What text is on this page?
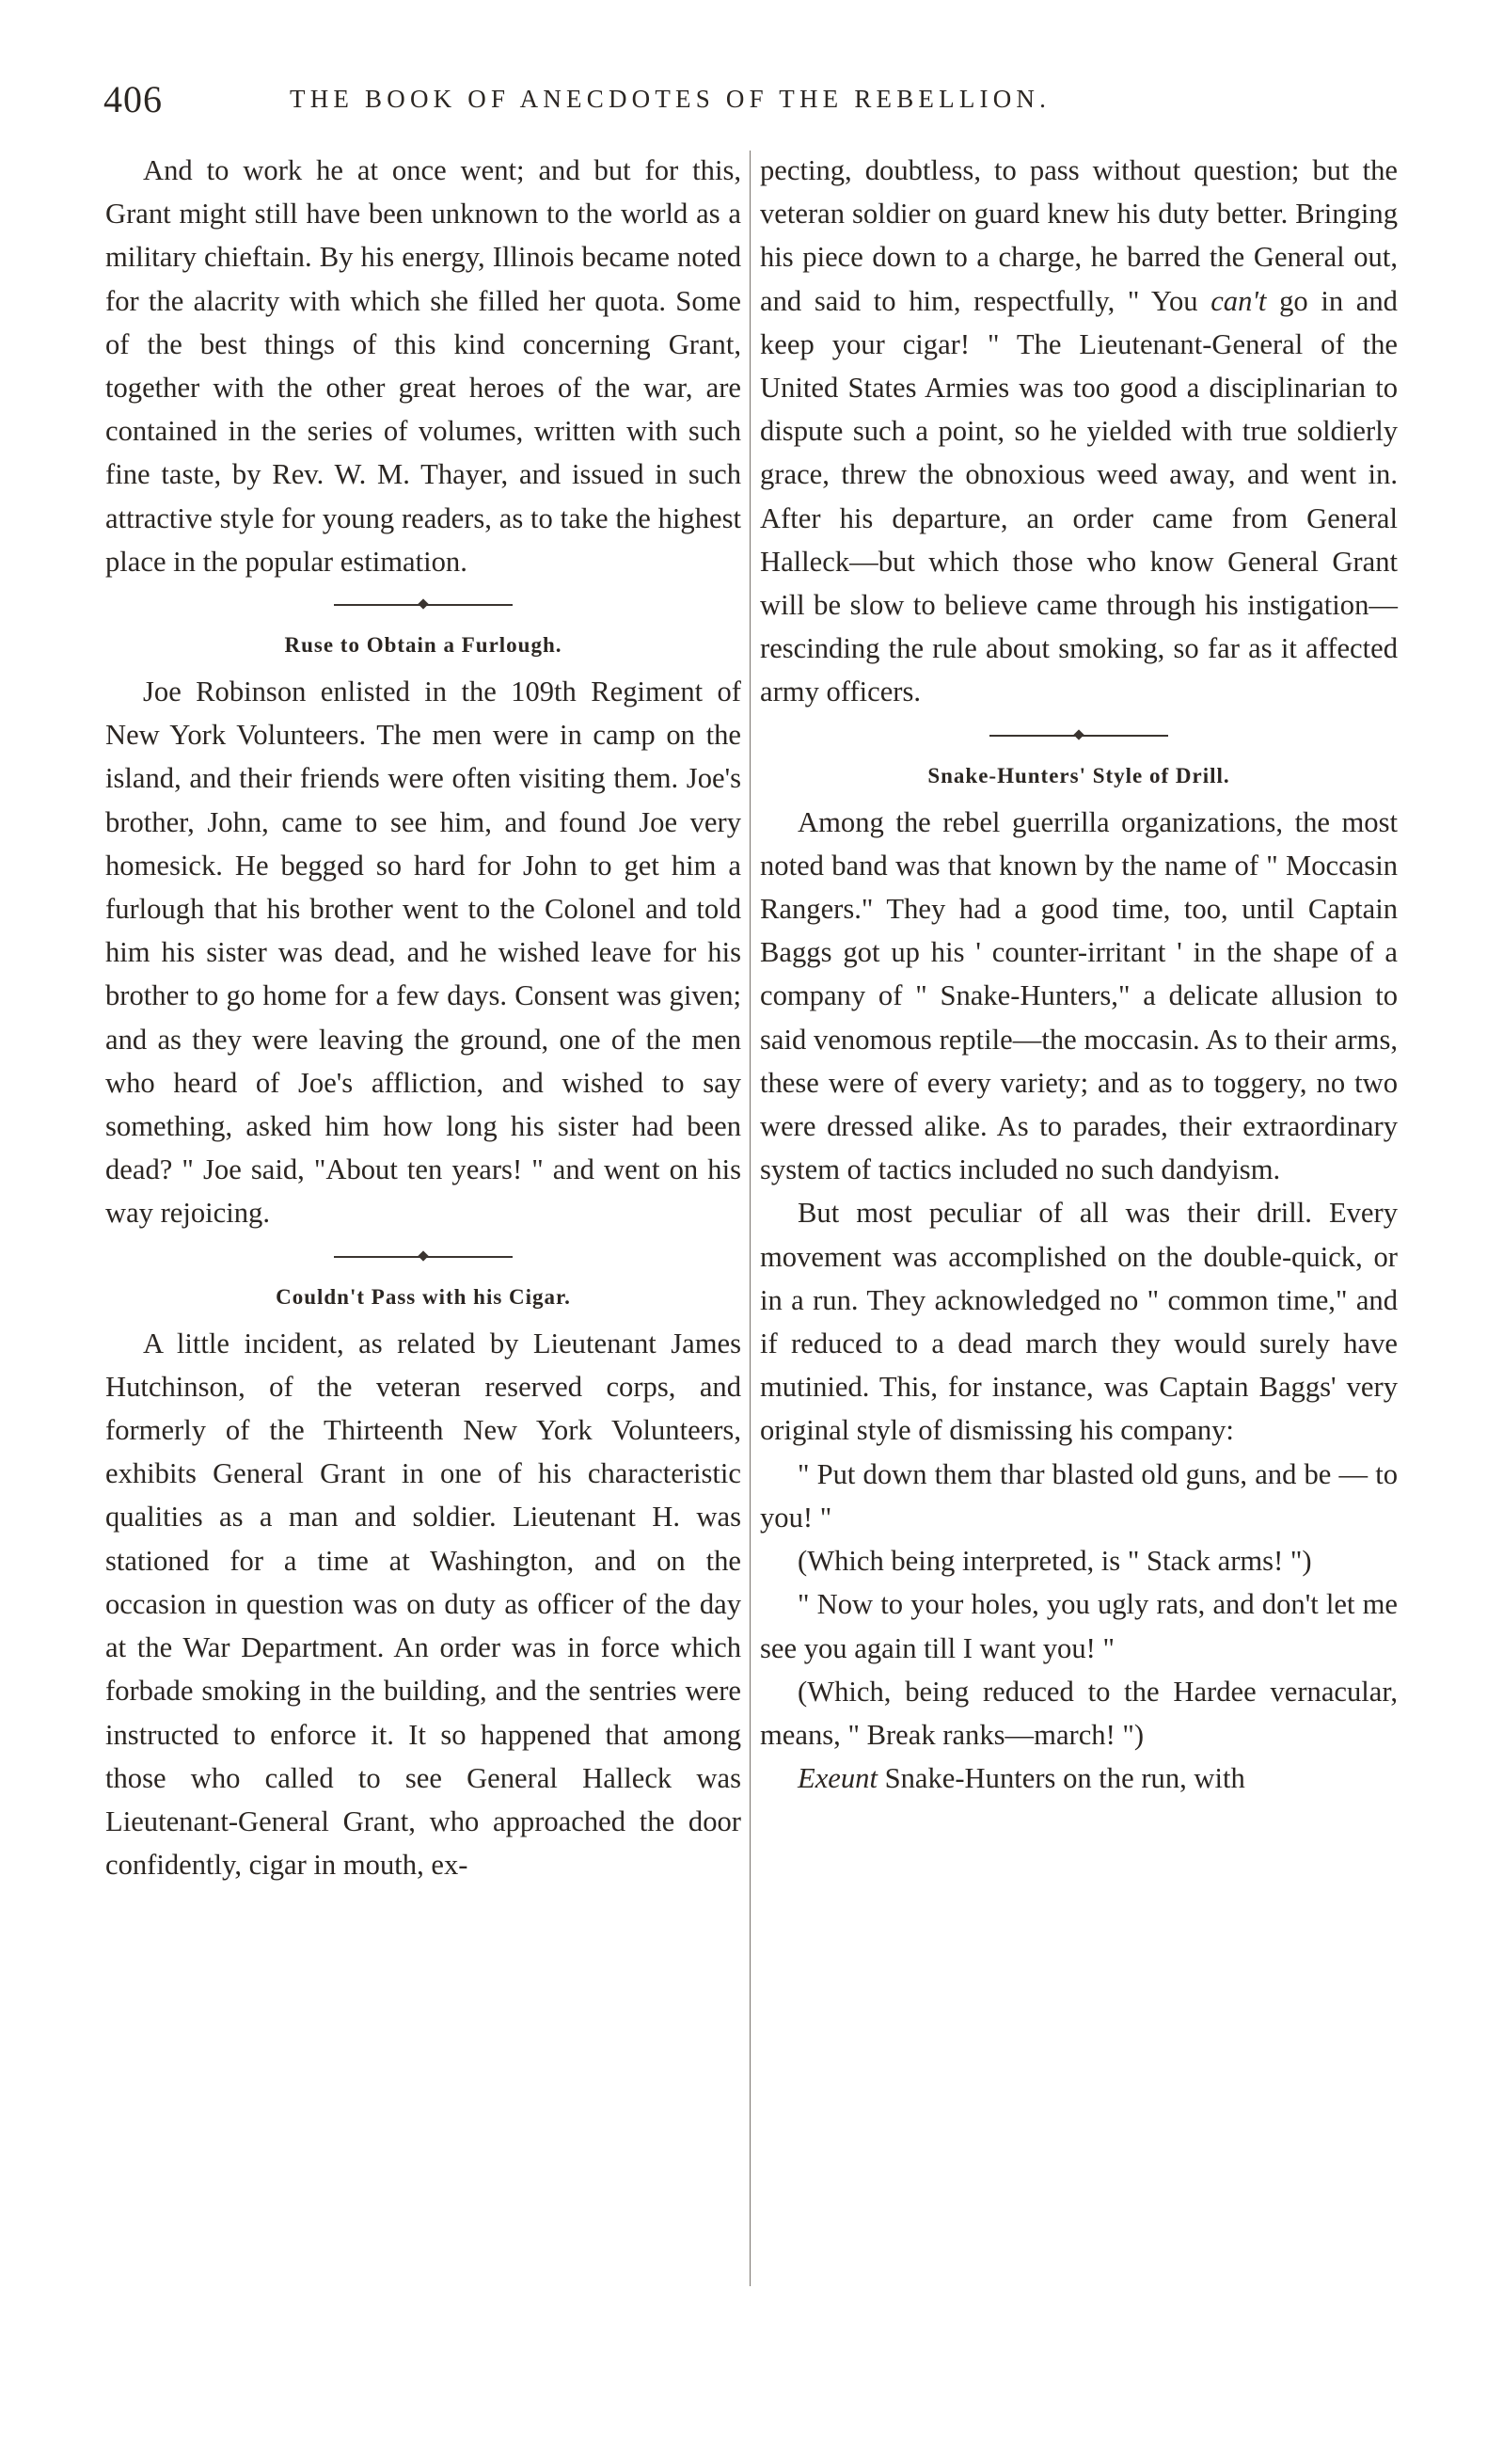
406	THE BOOK OF ANECDOTES OF THE REBELLION.

And to work he at once went; and but for this, Grant might still have been unknown to the world as a military chieftain. By his energy, Illinois became noted for the alacrity with which she filled her quota. Some of the best things of this kind concerning Grant, together with the other great heroes of the war, are contained in the series of volumes, written with such fine taste, by Rev. W. M. Thayer, and issued in such attractive style for young readers, as to take the highest place in the popular estimation.

Ruse to Obtain a Furlough.

Joe Robinson enlisted in the 109th Regiment of New York Volunteers. The men were in camp on the island, and their friends were often visiting them. Joe's brother, John, came to see him, and found Joe very homesick. He begged so hard for John to get him a furlough that his brother went to the Colonel and told him his sister was dead, and he wished leave for his brother to go home for a few days. Consent was given; and as they were leaving the ground, one of the men who heard of Joe's affliction, and wished to say something, asked him how long his sister had been dead? " Joe said, "About ten years! " and went on his way rejoicing.

Couldn't Pass with his Cigar.

A little incident, as related by Lieutenant James Hutchinson, of the veteran reserved corps, and formerly of the Thirteenth New York Volunteers, exhibits General Grant in one of his characteristic qualities as a man and soldier. Lieutenant H. was stationed for a time at Washington, and on the occasion in question was on duty as officer of the day at the War Department. An order was in force which forbade smoking in the building, and the sentries were instructed to enforce it. It so happened that among those who called to see General Halleck was Lieutenant-General Grant, who approached the door confidently, cigar in mouth, ex-

pecting, doubtless, to pass without question; but the veteran soldier on guard knew his duty better. Bringing his piece down to a charge, he barred the General out, and said to him, respectfully, " You can't go in and keep your cigar! " The Lieutenant-General of the United States Armies was too good a disciplinarian to dispute such a point, so he yielded with true soldierly grace, threw the obnoxious weed away, and went in. After his departure, an order came from General Halleck—but which those who know General Grant will be slow to believe came through his instigation—rescinding the rule about smoking, so far as it affected army officers.

Snake-Hunters' Style of Drill.

Among the rebel guerrilla organizations, the most noted band was that known by the name of " Moccasin Rangers." They had a good time, too, until Captain Baggs got up his ' counter-irritant ' in the shape of a company of " Snake-Hunters," a delicate allusion to said venomous reptile—the moccasin. As to their arms, these were of every variety; and as to toggery, no two were dressed alike. As to parades, their extraordinary system of tactics included no such dandyism.

But most peculiar of all was their drill. Every movement was accomplished on the double-quick, or in a run. They acknowledged no " common time," and if reduced to a dead march they would surely have mutinied. This, for instance, was Captain Baggs' very original style of dismissing his company:

" Put down them thar blasted old guns, and be — to you! "

(Which being interpreted, is " Stack arms! ")

" Now to your holes, you ugly rats, and don't let me see you again till I want you! "

(Which, being reduced to the Hardee vernacular, means, " Break ranks—march! ")

Exeunt Snake-Hunters on the run, with
